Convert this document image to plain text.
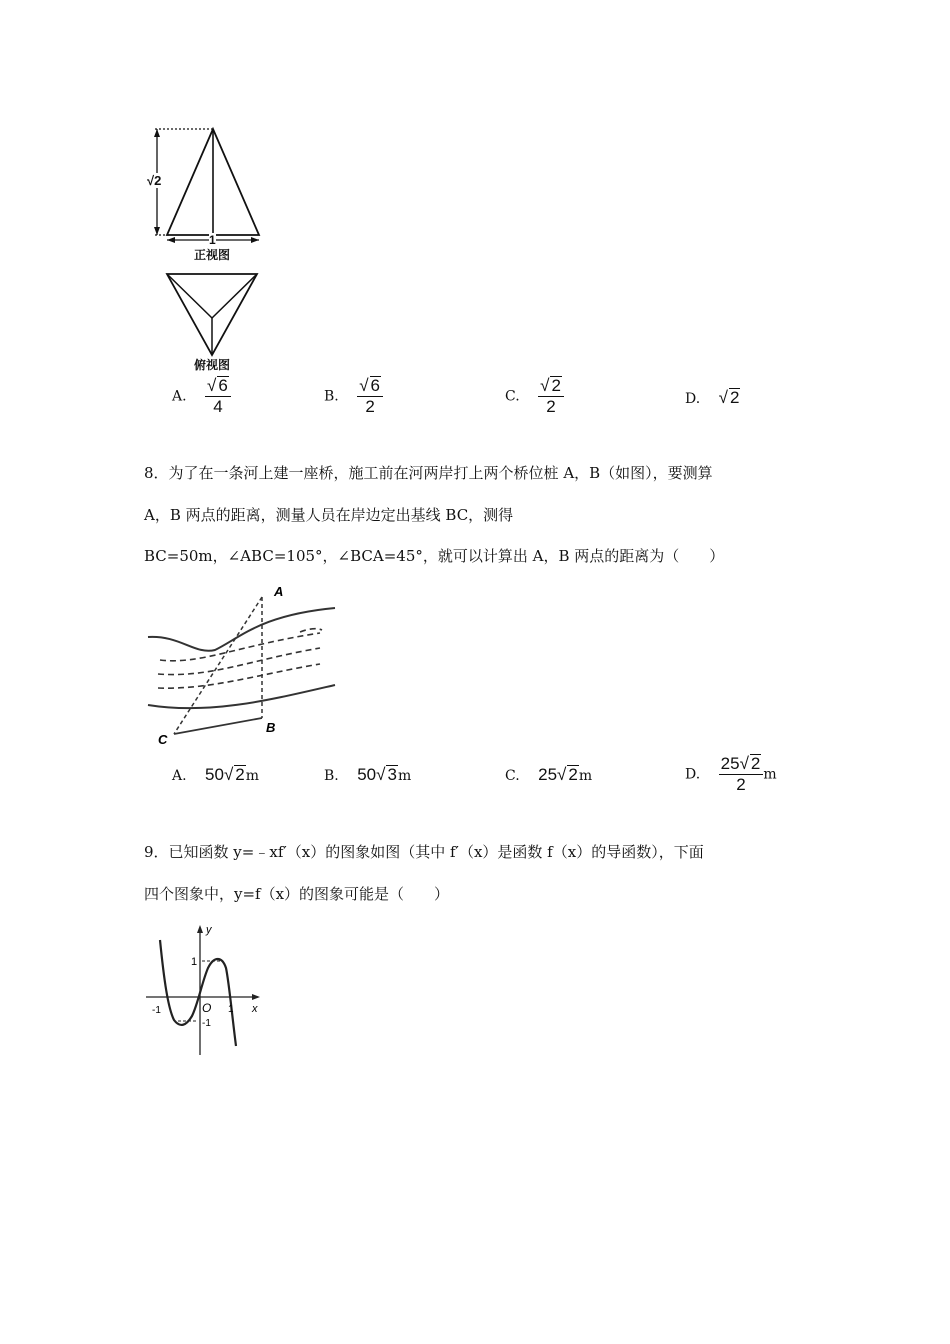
√2
1
正视图
俯视图
A. $\frac{√ 6}{4}$	B. $\frac{√ 6}{2}$	C. $\frac{√ 2}{2}$	D. √ 2
8．为了在一条河上建一座桥，施工前在河两岸打上两个桥位桩 A，B（如图），要测算
A，B 两点的距离，测量人员在岸边定出基线 BC，测得
BC=50m，∠ABC=105°，∠BCA=45°，就可以计算出 A，B 两点的距离为（　　）
A
B
C
A. 50√ 2m	B. 50√ 3m	C. 25√ 2m	D. $\frac{25√ 2}{2}$ m
9．已知函数 y=﹣xf′（x）的图象如图（其中 f′（x）是函数 f（x）的导函数），下面
四个图象中，y=f（x）的图象可能是（　　）
y
x
O
1
-1
-1	1
